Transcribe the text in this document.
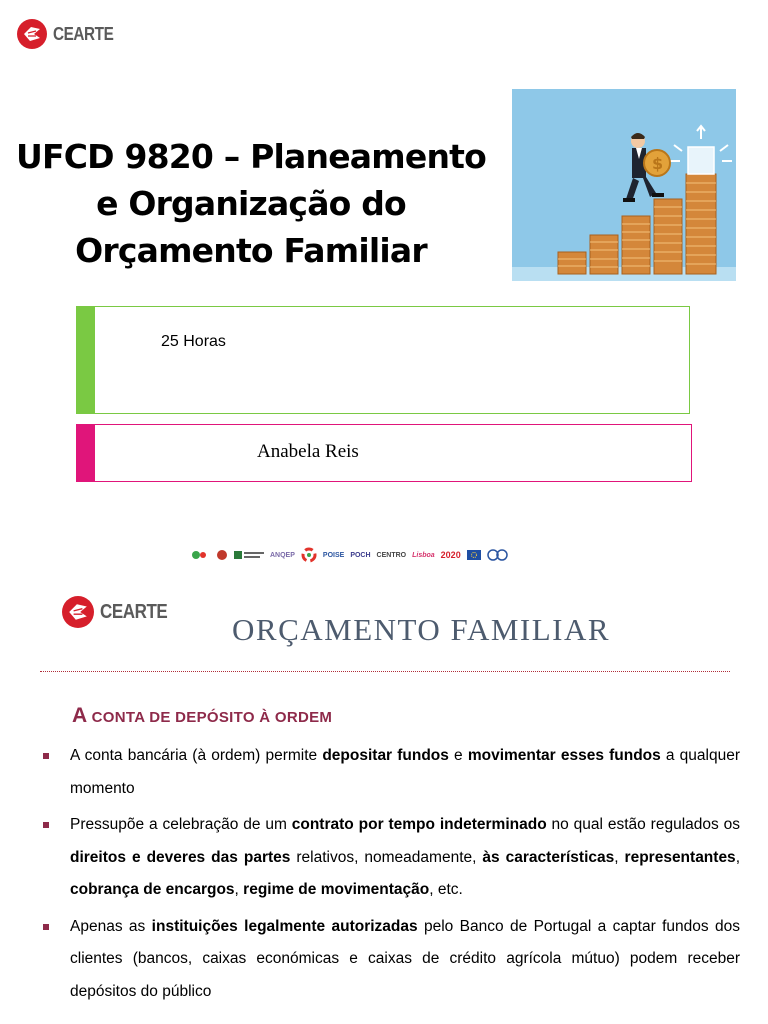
CEARTE
UFCD 9820 – Planeamento
e Organização do
Orçamento Familiar
$
25 Horas
Anabela Reis
ANQEP	POISE POCH CENTRO Lisboa 2020
CEARTE
ORÇAMENTO FAMILIAR
A CONTA DE DEPÓSITO À ORDEM
A conta bancária (à ordem) permite depositar fundos e movimentar esses fundos a qualquer momento
Pressupõe a celebração de um contrato por tempo indeterminado no qual estão regulados os direitos e deveres das partes relativos, nomeadamente, às características, representantes, cobrança de encargos, regime de movimentação, etc.
Apenas as instituições legalmente autorizadas pelo Banco de Portugal a captar fundos dos clientes (bancos, caixas económicas e caixas de crédito agrícola mútuo) podem receber depósitos do público
